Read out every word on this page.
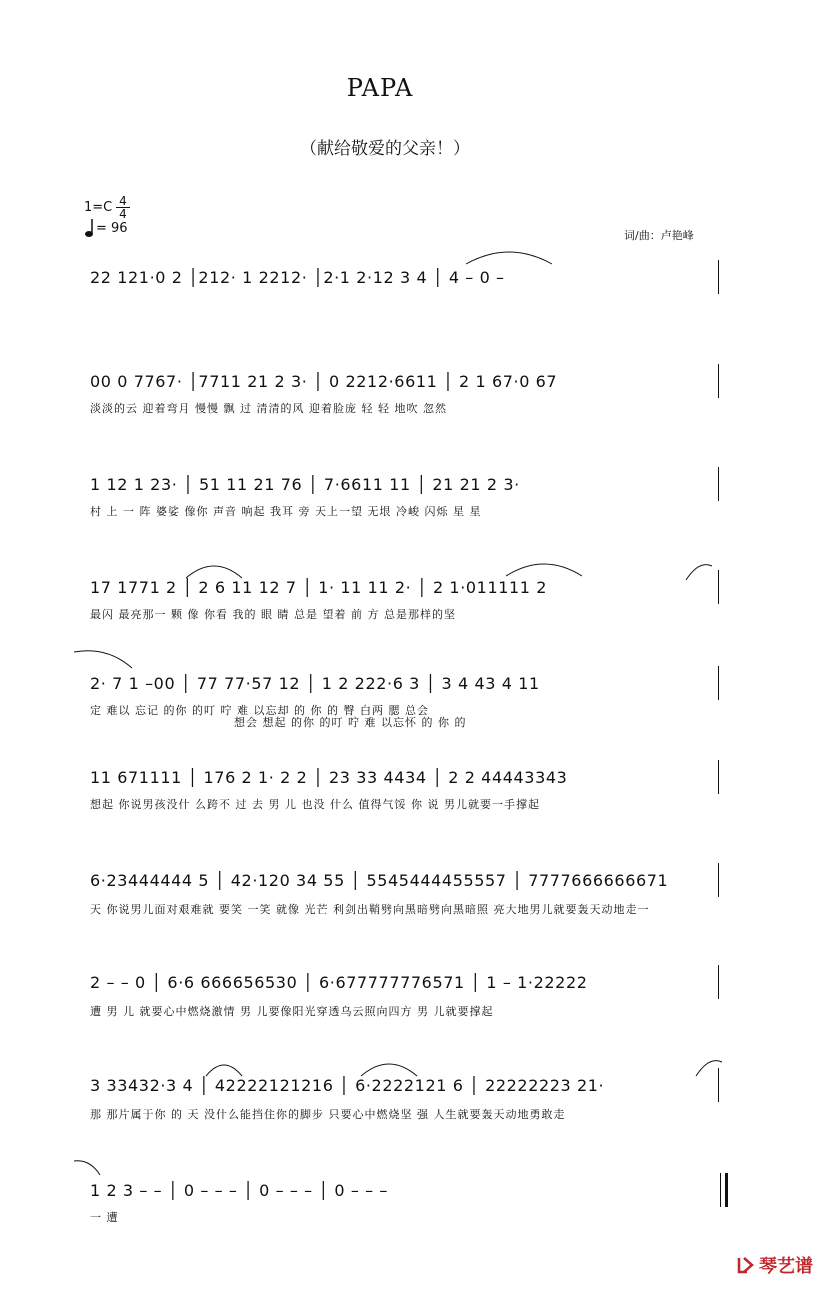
PAPA
（献给敬爱的父亲！）
1=C 4
4
= 96	词/曲：卢艳峰
22 121·0 2 │212· 1 2212· │2·1 2·12 3 4 │ 4 – 0 –
00 0 7767· │7711 21 2 3· │ 0 2212·6611 │ 2 1 67·0 67
淡淡的云 迎着弯月 慢慢 飘 过 清清的风 迎着脸庞 轻 轻 地吹 忽然
1 12 1 23· │ 51 11 21 76 │ 7·6611 11 │ 21 21 2 3·
村 上 一 阵 婆娑 像你 声音 响起 我耳 旁 天上一望 无垠 冷峻 闪烁 星 星
17 1771 2 │ 2 6 11 12 7 │ 1· 11 11 2· │ 2 1·011111 2
最闪 最亮那一 颗 像 你看 我的 眼 睛 总是 望着 前 方 总是那样的坚
2· 7 1 –00 │ 77 77·57 12 │ 1 2 222·6 3 │ 3 4 43 4 11
定 难以 忘记 的你 的叮 咛 难 以忘却 的 你 的 臀 白两 腮 总会
想会 想起 的你 的叮 咛 难 以忘怀 的 你 的
11 671111 │ 176 2 1· 2 2 │ 23 33 4434 │ 2 2 44443343
想起 你说男孩没什 么跨不 过 去 男 儿 也没 什么 值得气馁 你 说 男儿就要一手撑起
6·23444444 5 │ 42·120 34 55 │ 5545444455557 │ 7777666666671
天 你说男儿面对艰难就 要笑 一笑 就像 光芒 利剑出鞘劈向黑暗劈向黑暗照 亮大地男儿就要轰天动地走一
2 – – 0 │ 6·6 666656530 │ 6·677777776571 │ 1 – 1·22222
遭 男 儿 就要心中燃烧激情 男 儿要像阳光穿透乌云照向四方 男 儿就要撑起
3 33432·3 4 │ 42222121216 │ 6·2222121 6 │ 22222223 21·
那 那片属于你 的 天 没什么能挡住你的脚步 只要心中燃烧坚 强 人生就要轰天动地勇敢走
1 2 3 – – │ 0 – – – │ 0 – – – │ 0 – – –
一 遭
琴艺谱
